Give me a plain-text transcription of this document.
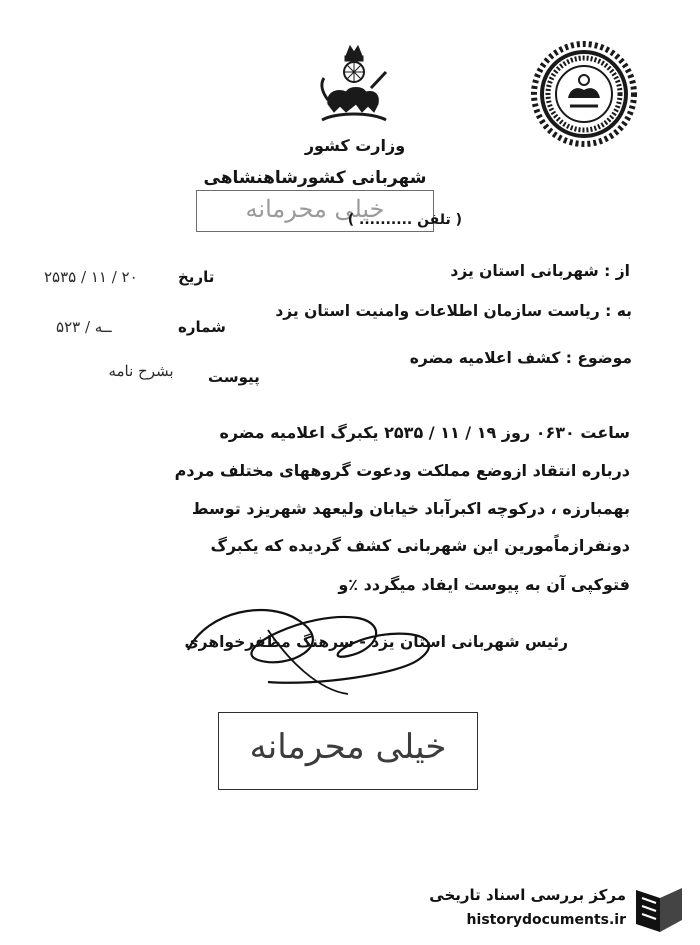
وزارت کشور
شهربانی کشورشاهنشاهی
خیلی محرمانه
( تلفن .......... )
تاریخ
۲۵۳۵ / ۱۱ / ۲۰
شماره
۵ــه / ۲۳
پیوست
بشرح نامه
از : شهربانی استان یزد
به : ریاست سازمان اطلاعات وامنیت استان یزد
موضوع : کشف اعلامیه مضره
ساعت ۰۶۳۰ روز ۱۹ / ۱۱ / ۲۵۳۵ یکبرگ اعلامیه مضره
درباره انتقاد ازوضع مملکت ودعوت گروههای مختلف مردم
بهمبارزه ، درکوچه اکبرآباد خیابان ولیعهد شهریزد توسط
دونفرازماًمورین این شهربانی کشف گردیده که یکبرگ
فتوکپی آن به پیوست ایفاد میگردد ٪و
رئیس شهربانی استان یزد - سرهنگ مظفرخواهری
خیلی محرمانه
مرکز بررسی اسناد تاریخی
historydocuments.ir
